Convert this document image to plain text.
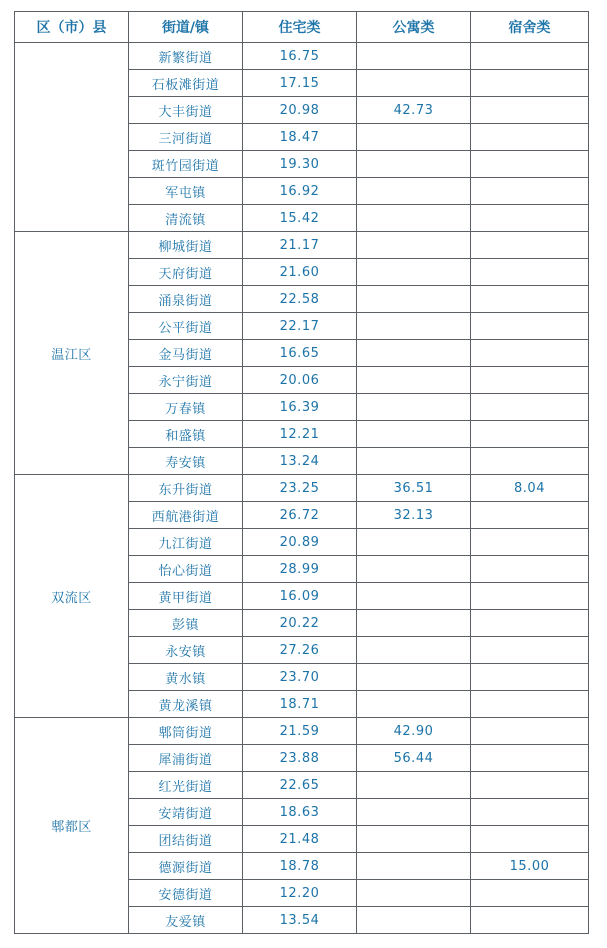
区（市）县	街道/镇	住宅类	公寓类	宿舍类
	新繁街道	16.75		
	石板滩街道	17.15		
	大丰街道	20.98	42.73	
	三河街道	18.47		
	斑竹园街道	19.30		
	军屯镇	16.92		
	清流镇	15.42		
温江区	柳城街道	21.17		
	天府街道	21.60		
	涌泉街道	22.58		
	公平街道	22.17		
	金马街道	16.65		
	永宁街道	20.06		
	万春镇	16.39		
	和盛镇	12.21		
	寿安镇	13.24		
双流区	东升街道	23.25	36.51	8.04
	西航港街道	26.72	32.13	
	九江街道	20.89		
	怡心街道	28.99		
	黄甲街道	16.09		
	彭镇	20.22		
	永安镇	27.26		
	黄水镇	23.70		
	黄龙溪镇	18.71		
郫都区	郫筒街道	21.59	42.90	
	犀浦街道	23.88	56.44	
	红光街道	22.65		
	安靖街道	18.63		
	团结街道	21.48		
	德源街道	18.78		15.00
	安德街道	12.20		
	友爱镇	13.54		
